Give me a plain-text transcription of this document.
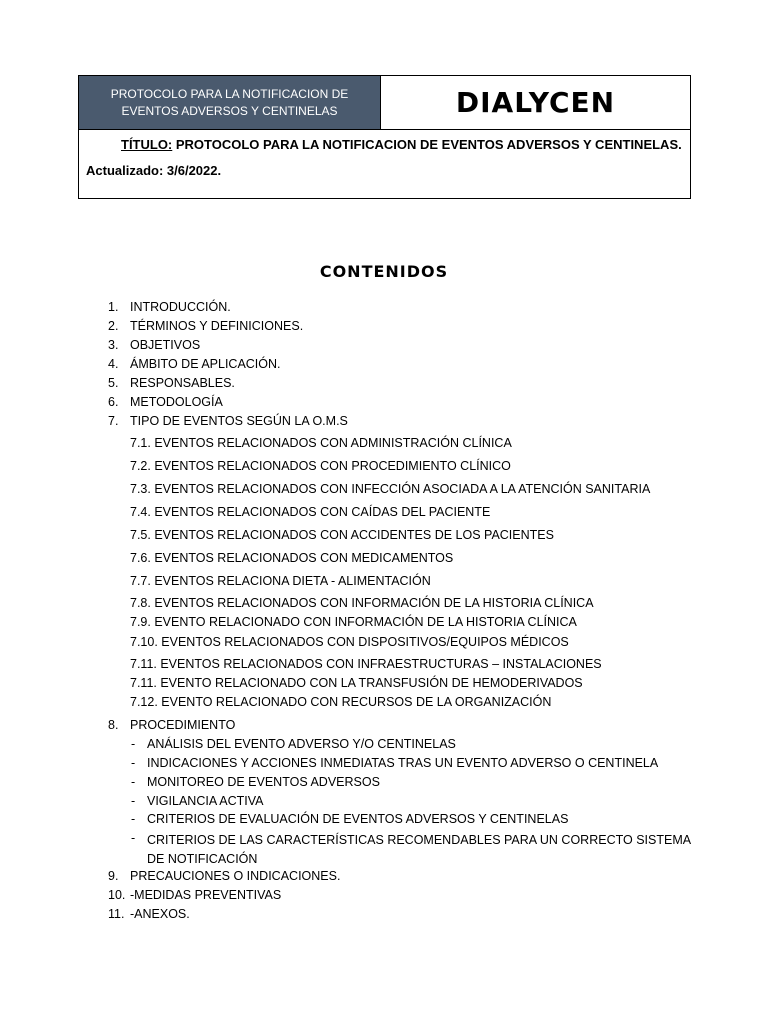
PROTOCOLO PARA LA NOTIFICACION DE EVENTOS ADVERSOS Y CENTINELAS	DIALYCEN
TÍTULO: PROTOCOLO PARA LA NOTIFICACION DE EVENTOS ADVERSOS Y CENTINELAS.
Actualizado: 3/6/2022.
CONTENIDOS
1. INTRODUCCIÓN.
2. TÉRMINOS Y DEFINICIONES.
3. OBJETIVOS
4. ÁMBITO DE APLICACIÓN.
5. RESPONSABLES.
6. METODOLOGÍA
7. TIPO DE EVENTOS SEGÚN LA O.M.S
7.1. EVENTOS RELACIONADOS CON ADMINISTRACIÓN CLÍNICA
7.2. EVENTOS RELACIONADOS CON PROCEDIMIENTO CLÍNICO
7.3. EVENTOS RELACIONADOS CON INFECCIÓN ASOCIADA A LA ATENCIÓN SANITARIA
7.4. EVENTOS RELACIONADOS CON CAÍDAS DEL PACIENTE
7.5. EVENTOS RELACIONADOS CON ACCIDENTES DE LOS PACIENTES
7.6. EVENTOS RELACIONADOS CON MEDICAMENTOS
7.7. EVENTOS RELACIONA DIETA - ALIMENTACIÓN
7.8. EVENTOS RELACIONADOS CON INFORMACIÓN DE LA HISTORIA CLÍNICA
7.9. EVENTO RELACIONADO CON INFORMACIÓN DE LA HISTORIA CLÍNICA
7.10. EVENTOS RELACIONADOS CON DISPOSITIVOS/EQUIPOS MÉDICOS
7.11. EVENTOS RELACIONADOS CON INFRAESTRUCTURAS – INSTALACIONES
7.11. EVENTO RELACIONADO CON LA TRANSFUSIÓN DE HEMODERIVADOS
7.12. EVENTO RELACIONADO CON RECURSOS DE LA ORGANIZACIÓN
8. PROCEDIMIENTO
- ANÁLISIS DEL EVENTO ADVERSO Y/O CENTINELAS
- INDICACIONES Y ACCIONES INMEDIATAS TRAS UN EVENTO ADVERSO O CENTINELA
- MONITOREO DE EVENTOS ADVERSOS
- VIGILANCIA ACTIVA
- CRITERIOS DE EVALUACIÓN DE EVENTOS ADVERSOS Y CENTINELAS
- CRITERIOS DE LAS CARACTERÍSTICAS RECOMENDABLES PARA UN CORRECTO SISTEMA DE NOTIFICACIÓN
9. PRECAUCIONES O INDICACIONES.
10. -MEDIDAS PREVENTIVAS
11. -ANEXOS.
